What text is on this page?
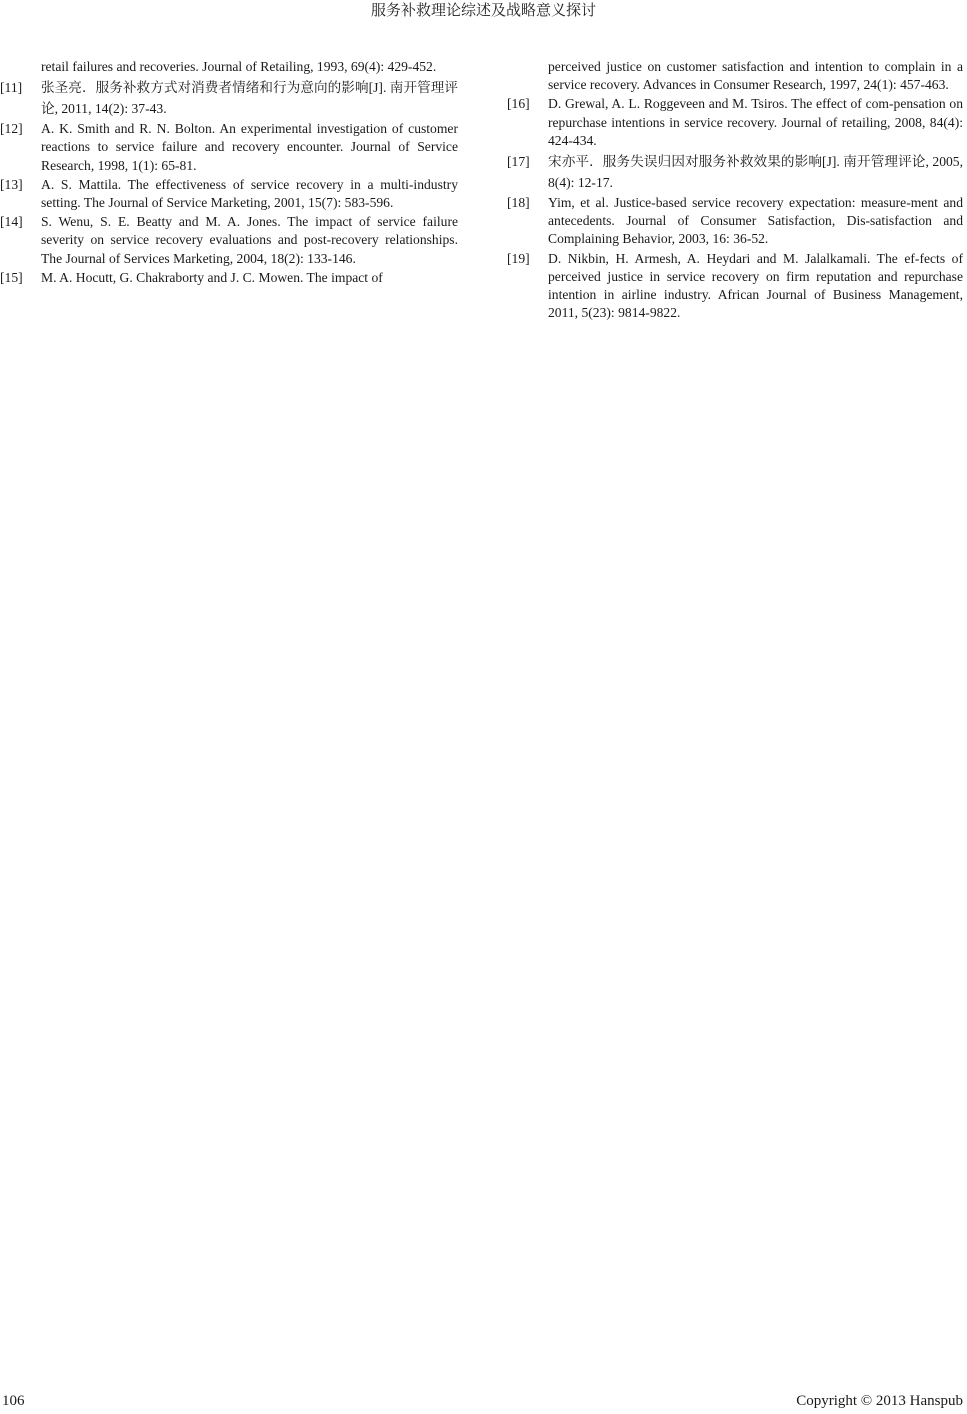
服务补救理论综述及战略意义探讨
retail failures and recoveries. Journal of Retailing, 1993, 69(4): 429-452.
[11] 张圣亮．服务补救方式对消费者情绪和行为意向的影响[J]. 南开管理评论, 2011, 14(2): 37-43.
[12] A. K. Smith and R. N. Bolton. An experimental investigation of customer reactions to service failure and recovery encounter. Journal of Service Research, 1998, 1(1): 65-81.
[13] A. S. Mattila. The effectiveness of service recovery in a multi-industry setting. The Journal of Service Marketing, 2001, 15(7): 583-596.
[14] S. Wenu, S. E. Beatty and M. A. Jones. The impact of service failure severity on service recovery evaluations and post-recovery relationships. The Journal of Services Marketing, 2004, 18(2): 133-146.
[15] M. A. Hocutt, G. Chakraborty and J. C. Mowen. The impact of
perceived justice on customer satisfaction and intention to complain in a service recovery. Advances in Consumer Research, 1997, 24(1): 457-463.
[16] D. Grewal, A. L. Roggeveen and M. Tsiros. The effect of com-pensation on repurchase intentions in service recovery. Journal of retailing, 2008, 84(4): 424-434.
[17] 宋亦平．服务失误归因对服务补救效果的影响[J]. 南开管理评论, 2005, 8(4): 12-17.
[18] Yim, et al. Justice-based service recovery expectation: measure-ment and antecedents. Journal of Consumer Satisfaction, Dis-satisfaction and Complaining Behavior, 2003, 16: 36-52.
[19] D. Nikbin, H. Armesh, A. Heydari and M. Jalalkamali. The ef-fects of perceived justice in service recovery on firm reputation and repurchase intention in airline industry. African Journal of Business Management, 2011, 5(23): 9814-9822.
106	Copyright © 2013 Hanspub
